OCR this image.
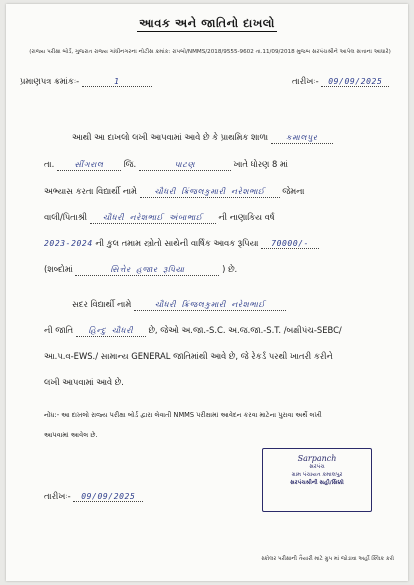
આવક અને જાતિનો દાખલો
(રાજ્ય પરીક્ષા બોર્ડ, ગુજરાત રાજ્ય ગાંધીનગરના નોટીસ ક્રમાંક: રાપબો/NMMS/2018/9555-9602 તા.11/09/2018 મુજબ સરપંચશ્રીને આપેલ સત્તાના આધારે)
પ્રમાણપત્ર ક્રમાંકઃ-	1	તારીખઃ- 09/09/2025
આથી આ દાખલો લખી આપવામાં આવે છે કે પ્રાથમિક શાળા કમાલપુર
તા.	સીંગરાલ જિ.	પાટણ	ખાતે ધોરણ 8 માં
અભ્યાસ કરતા વિદ્યાર્થી નામે ચૌધરી ક્રિંજલકુમારી નરેશભાઈ જેમના
વાલી/પિતાશ્રી ચૌધરી નરેશભાઈ અંબાભાઈ ની નાણાકિય વર્ષ
2023-2024 ની કુલ તમામ સ્ત્રોતો સાથેની વાર્ષિક આવક રૂપિયા 70000/-
(શબ્દોમાં	સિત્તેર હજાર રૂપિયા	) છે.
સદર વિદ્યાર્થી નામે	ચૌધરી ક્રિંજલકુમારી નરેશભાઈ
ની જાતિ હિન્દુ ચૌધરી છે, જેઓ અ.જા.-S.C. અ.જ.જા.-S.T. /બક્ષીપંચ-SEBC/
આ.પ.વ-EWS./ સામાન્ય GENERAL જાતિમાંથી આવે છે, જે રેકર્ડ પરથી ખાતરી કરીને
લખી આપવામાં આવે છે.
નોંધ:- આ દાખલો રાજ્ય પરીક્ષા બોર્ડ દ્વારા લેવાતી NMMS પરીક્ષામાં આવેદન કરવા માટેના પુરાવા અર્થે લખી
આપવામાં આવેલ છે.
તારીખઃ- 09/09/2025
Sarpanch
સરપંચ
ગ્રામ પંચાયત કમાલપુર
સરપંચશ્રીની સહી/સિક્કો
સ્કોલર પરીક્ષાની તૈયારી માટે ગ્રુપ માં જોડાવા અહીં ક્લિક કરો
